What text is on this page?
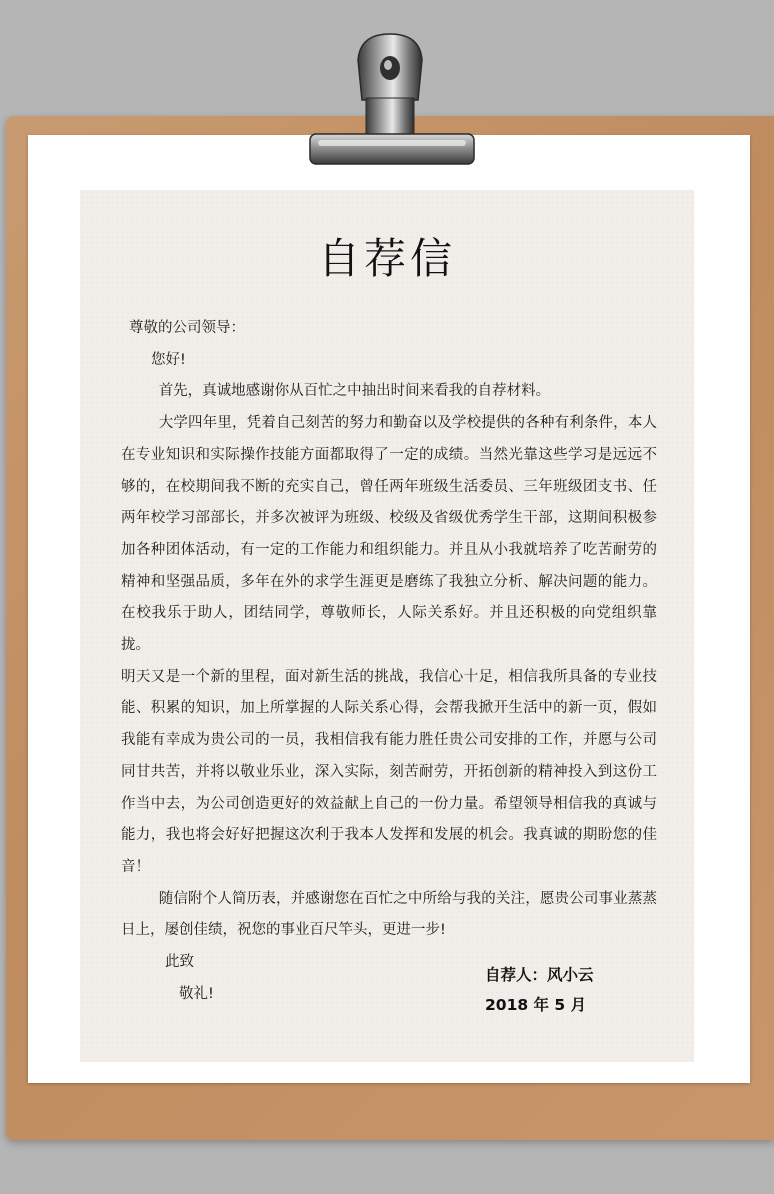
自荐信

尊敬的公司领导：

您好!

首先，真诚地感谢你从百忙之中抽出时间来看我的自荐材料。

大学四年里，凭着自己刻苦的努力和勤奋以及学校提供的各种有利条件，本人在专业知识和实际操作技能方面都取得了一定的成绩。当然光靠这些学习是远远不够的，在校期间我不断的充实自己，曾任两年班级生活委员、三年班级团支书、任两年校学习部部长，并多次被评为班级、校级及省级优秀学生干部，这期间积极参加各种团体活动，有一定的工作能力和组织能力。并且从小我就培养了吃苦耐劳的精神和坚强品质，多年在外的求学生涯更是磨练了我独立分析、解决问题的能力。在校我乐于助人，团结同学，尊敬师长，人际关系好。并且还积极的向党组织靠拢。

明天又是一个新的里程，面对新生活的挑战，我信心十足，相信我所具备的专业技能、积累的知识，加上所掌握的人际关系心得，会帮我掀开生活中的新一页，假如我能有幸成为贵公司的一员，我相信我有能力胜任贵公司安排的工作，并愿与公司同甘共苦，并将以敬业乐业，深入实际，刻苦耐劳，开拓创新的精神投入到这份工作当中去，为公司创造更好的效益献上自己的一份力量。希望领导相信我的真诚与能力，我也将会好好把握这次利于我本人发挥和发展的机会。我真诚的期盼您的佳音！

随信附个人简历表，并感谢您在百忙之中所给与我的关注，愿贵公司事业蒸蒸日上，屡创佳绩，祝您的事业百尺竿头，更进一步!

此致

敬礼!

自荐人：风小云
2018 年 5 月
